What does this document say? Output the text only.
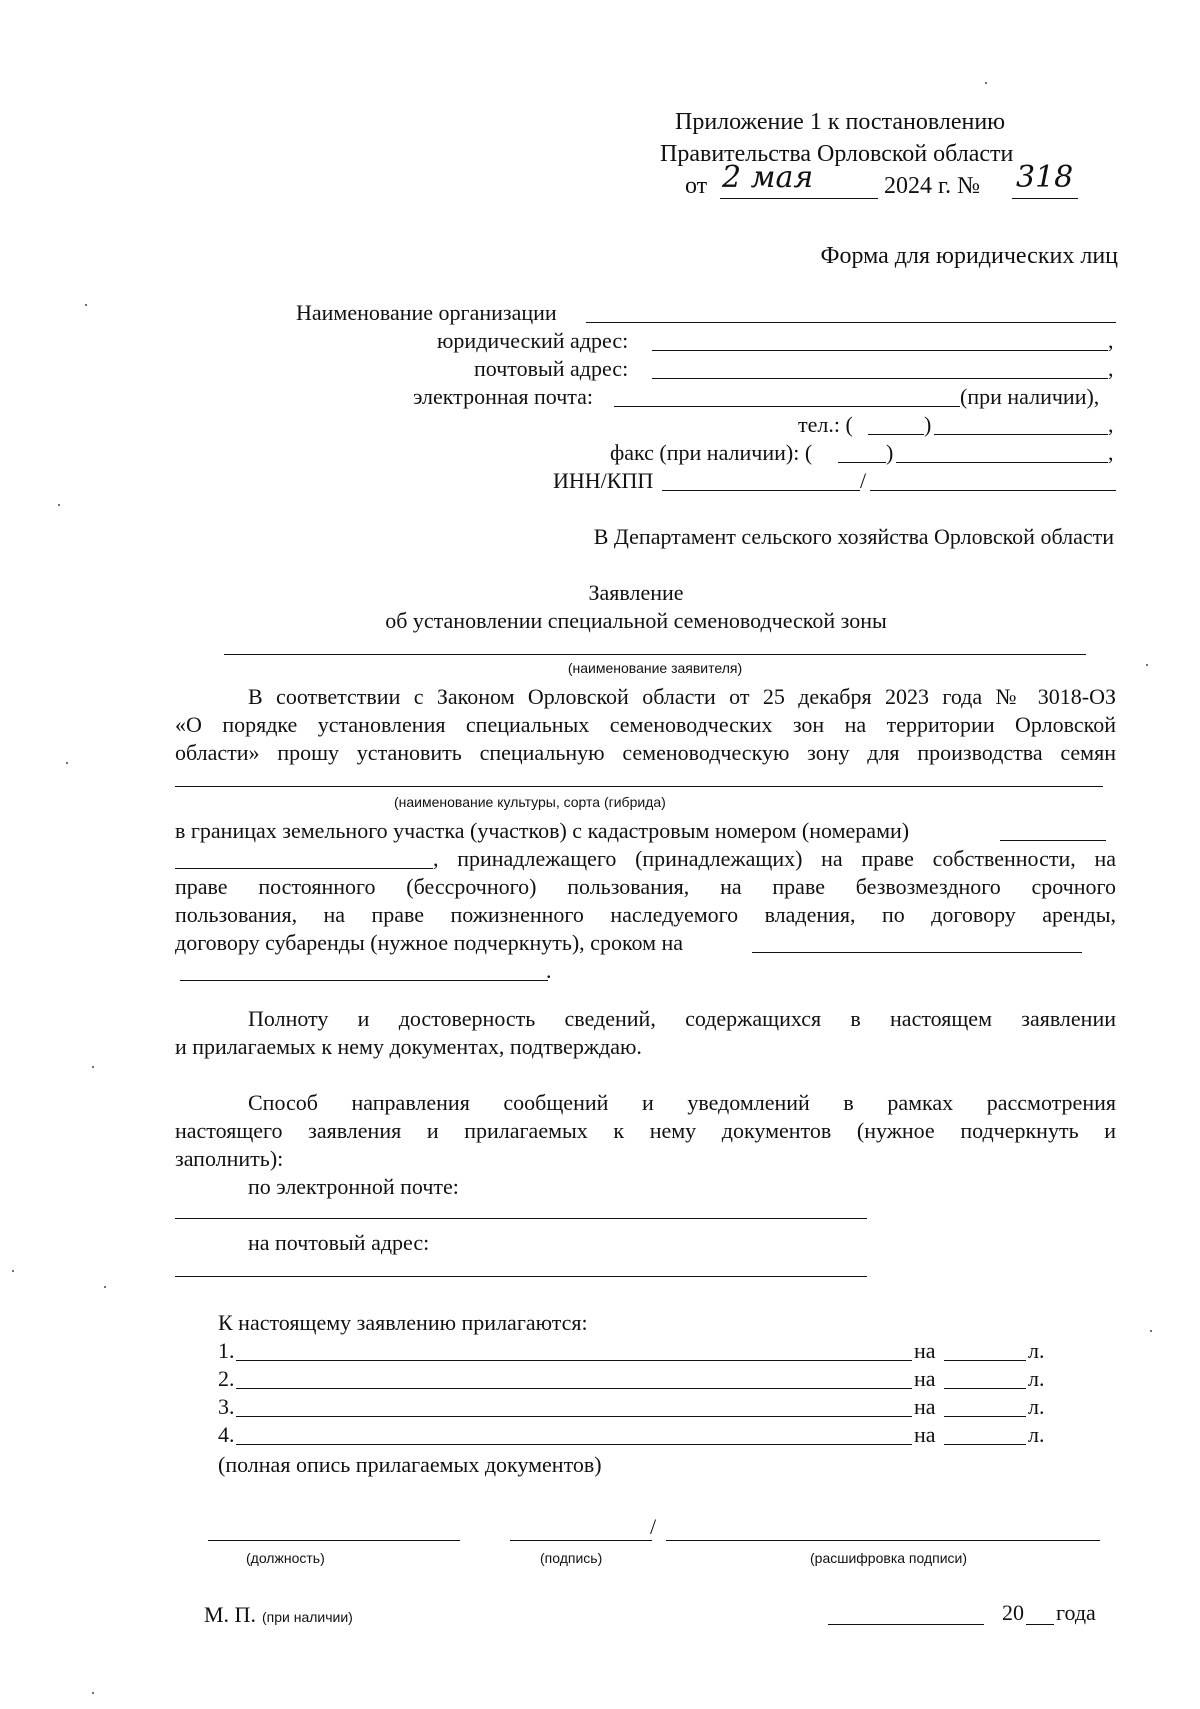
Приложение 1 к постановлению
Правительства Орловской области
от 2 мая	2024 г. № 318
Форма для юридических лиц
Наименование организации
юридический адрес:	,
почтовый адрес:	,
электронная почта:	(при наличии),
тел.: (	)	,
факс (при наличии): (	)	,
ИНН/КПП	/
В Департамент сельского хозяйства Орловской области
Заявление
об установлении специальной семеноводческой зоны
(наименование заявителя)
В соответствии с Законом Орловской области от 25 декабря 2023 года № 3018-ОЗ
«О порядке установления специальных семеноводческих зон на территории Орловской
области» прошу установить специальную семеноводческую зону для производства семян
(наименование культуры, сорта (гибрида)
в границах земельного участка (участков) с кадастровым номером (номерами)
, принадлежащего (принадлежащих) на праве собственности, на
праве постоянного (бессрочного) пользования, на праве безвозмездного срочного
пользования, на праве пожизненного наследуемого владения, по договору аренды,
договору субаренды (нужное подчеркнуть), сроком на
.
Полноту и достоверность сведений, содержащихся в настоящем заявлении
и прилагаемых к нему документах, подтверждаю.
Способ направления сообщений и уведомлений в рамках рассмотрения
настоящего заявления и прилагаемых к нему документов (нужное подчеркнуть и
заполнить):
по электронной почте:
на почтовый адрес:
К настоящему заявлению прилагаются:
1.	на	л.
2.	на	л.
3.	на	л.
4.	на	л.
(полная опись прилагаемых документов)
/
(должность)	(подпись)	(расшифровка подписи)
М. П. (при наличии)	20 года
